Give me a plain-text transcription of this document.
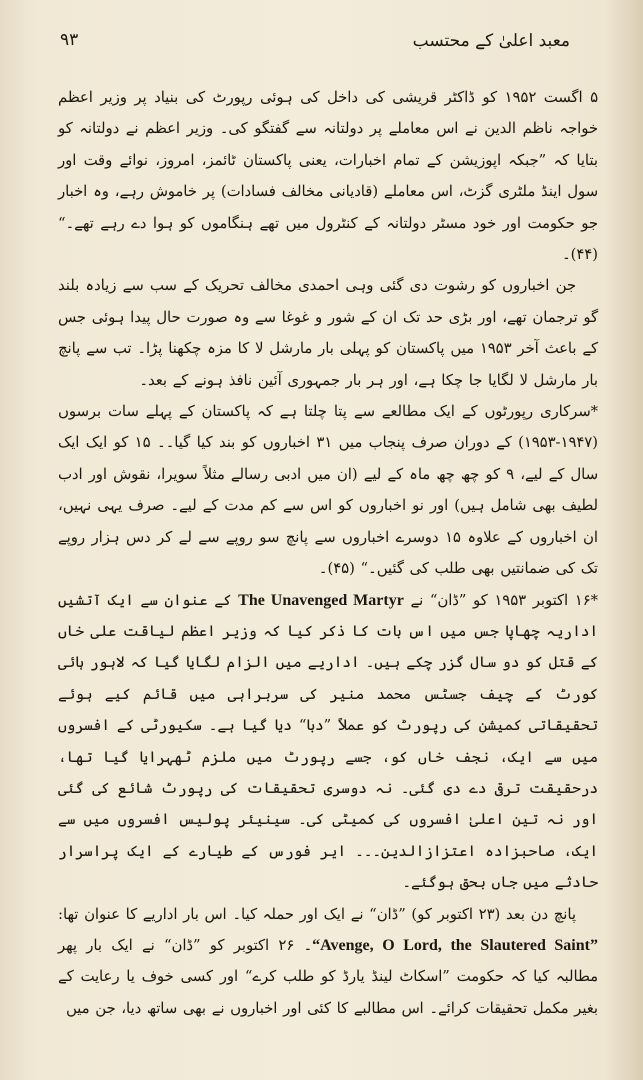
معبد اعلیٰ کے محتسب
۹۳

۵ اگست ۱۹۵۲ کو ڈاکٹر قریشی کی داخل کی ہوئی رپورٹ کی بنیاد پر وزیر اعظم خواجہ ناظم الدین نے اس معاملے پر دولتانہ سے گفتگو کی۔ وزیر اعظم نے دولتانہ کو بتایا کہ ”جبکہ اپوزیشن کے تمام اخبارات، یعنی پاکستان ٹائمز، امروز، نوائے وقت اور سول اینڈ ملٹری گزٹ، اس معاملے (قادیانی مخالف فسادات) پر خاموش رہے، وہ اخبار جو حکومت اور خود مسٹر دولتانہ کے کنٹرول میں تھے ہنگاموں کو ہوا دے رہے تھے۔“ (۴۴)۔

جن اخباروں کو رشوت دی گئی وہی احمدی مخالف تحریک کے سب سے زیادہ بلند گو ترجمان تھے، اور بڑی حد تک ان کے شور و غوغا سے وہ صورت حال پیدا ہوئی جس کے باعث آخر ۱۹۵۳ میں پاکستان کو پہلی بار مارشل لا کا مزہ چکھنا پڑا۔ تب سے پانچ بار مارشل لا لگایا جا چکا ہے، اور ہر بار جمہوری آئین نافذ ہونے کے بعد۔

*سرکاری رپورٹوں کے ایک مطالعے سے پتا چلتا ہے کہ پاکستان کے پہلے سات برسوں (۱۹۴۷-۱۹۵۳) کے دوران صرف پنجاب میں ۳۱ اخباروں کو بند کیا گیا۔۔ ۱۵ کو ایک ایک سال کے لیے، ۹ کو چھ چھ ماہ کے لیے (ان میں ادبی رسالے مثلاً سویرا، نقوش اور ادب لطیف بھی شامل ہیں) اور نو اخباروں کو اس سے کم مدت کے لیے۔ صرف یہی نہیں، ان اخباروں کے علاوہ ۱۵ دوسرے اخباروں سے پانچ سو روپے سے لے کر دس ہزار روپے تک کی ضمانتیں بھی طلب کی گئیں۔“ (۴۵)۔

*۱۶ اکتوبر ۱۹۵۳ کو ”ڈان“ نے The Unavenged Martyr کے عنوان سے ایک آتشیں اداریہ چھاپا جس میں اس بات کا ذکر کیا کہ وزیر اعظم لیاقت علی خاں کے قتل کو دو سال گزر چکے ہیں۔ اداریے میں الزام لگایا گیا کہ لاہور ہائی کورٹ کے چیف جسٹس محمد منیر کی سربراہی میں قائم کیے ہوئے تحقیقاتی کمیشن کی رپورٹ کو عملاً ”دبا“ دیا گیا ہے۔ سکیورٹی کے افسروں میں سے ایک، نجف خاں کو، جسے رپورٹ میں ملزم ٹھہرایا گیا تھا، درحقیقت ترقی دے دی گئی۔ نہ دوسری تحقیقات کی رپورٹ شائع کی گئی اور نہ تین اعلیٰ افسروں کی کمیٹی کی۔ سینیئر پولیس افسروں میں سے ایک، صاحبزادہ اعتزازالدین۔۔۔ ایر فورس کے طیارے کے ایک پراسرار حادثے میں جاں بحق ہوگئے۔

پانچ دن بعد (۲۳ اکتوبر کو) ”ڈان“ نے ایک اور حملہ کیا۔ اس بار اداریے کا عنوان تھا: “Avenge, O Lord, the Slautered Saint”۔ ۲۶ اکتوبر کو ”ڈان“ نے ایک بار پھر مطالبہ کیا کہ حکومت ”اسکاٹ لینڈ یارڈ کو طلب کرے“ اور کسی خوف یا رعایت کے بغیر مکمل تحقیقات کرائے۔ اس مطالبے کا کئی اور اخباروں نے بھی ساتھ دیا، جن میں
